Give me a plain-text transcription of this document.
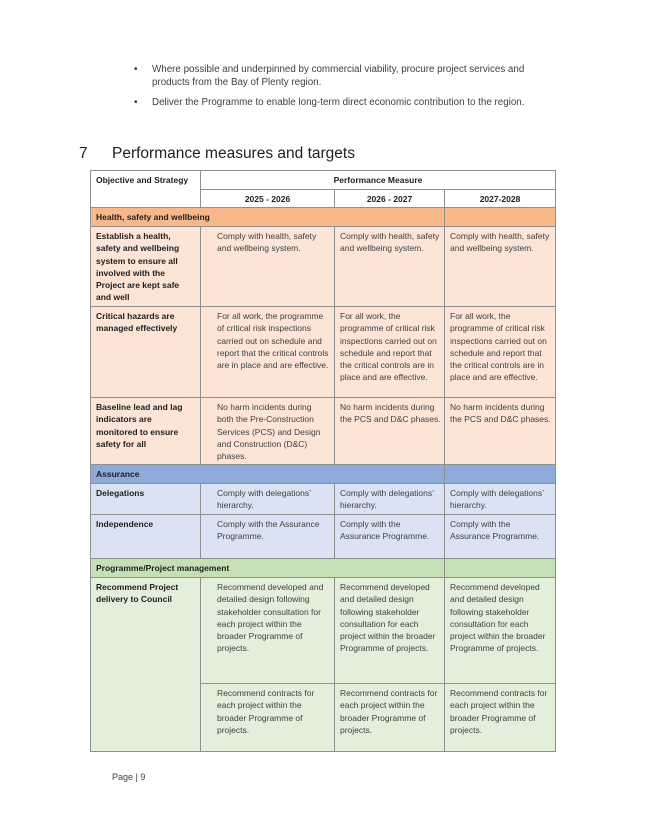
• Where possible and underpinned by commercial viability, procure project services and products from the Bay of Plenty region.
• Deliver the Programme to enable long-term direct economic contribution to the region.
7 Performance measures and targets
Objective and Strategy	Performance Measure		
	2025 - 2026	2026 - 2027	2027-2028
Health, safety and wellbeing			
Establish a health, safety and wellbeing system to ensure all involved with the Project are kept safe and well	Comply with health, safety and wellbeing system.	Comply with health, safety and wellbeing system.	Comply with health, safety and wellbeing system.
Critical hazards are managed effectively	For all work, the programme of critical risk inspections carried out on schedule and report that the critical controls are in place and are effective.	For all work, the programme of critical risk inspections carried out on schedule and report that the critical controls are in place and are effective.	For all work, the programme of critical risk inspections carried out on schedule and report that the critical controls are in place and are effective.
Baseline lead and lag indicators are monitored to ensure safety for all	No harm incidents during both the Pre-Construction Services (PCS) and Design and Construction (D&C) phases.	No harm incidents during the PCS and D&C phases.	No harm incidents during the PCS and D&C phases.
Assurance			
Delegations	Comply with delegations’ hierarchy.	Comply with delegations’ hierarchy.	Comply with delegations’ hierarchy.
Independence	Comply with the Assurance Programme.	Comply with the Assurance Programme.	Comply with the Assurance Programme.
Programme/Project management			
Recommend Project delivery to Council	Recommend developed and detailed design following stakeholder consultation for each project within the broader Programme of projects.	Recommend developed and detailed design following stakeholder consultation for each project within the broader Programme of projects.	Recommend developed and detailed design following stakeholder consultation for each project within the broader Programme of projects.
	Recommend contracts for each project within the broader Programme of projects.	Recommend contracts for each project within the broader Programme of projects.	Recommend contracts for each project within the broader Programme of projects.
Page | 9
